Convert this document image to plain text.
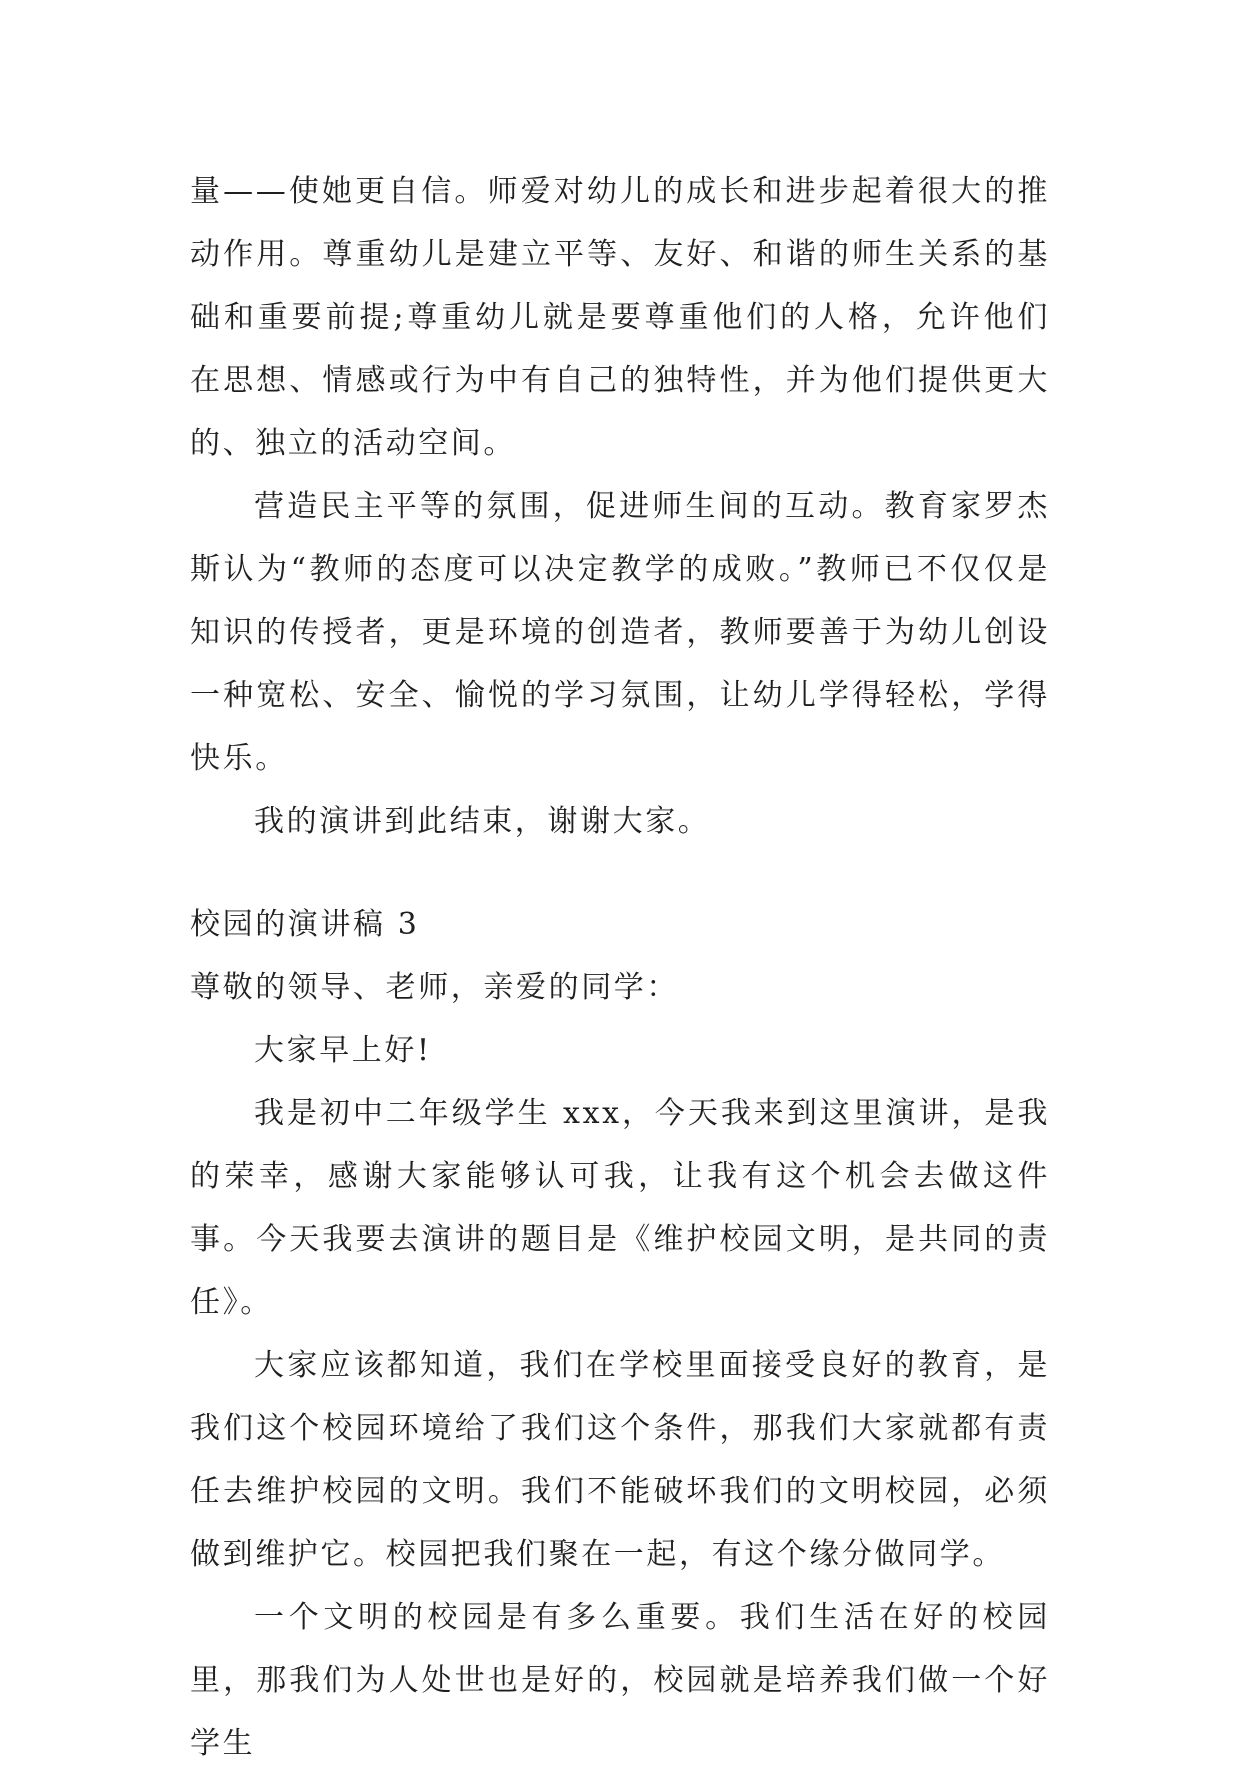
量——使她更自信。师爱对幼儿的成长和进步起着很大的推动作用。尊重幼儿是建立平等、友好、和谐的师生关系的基础和重要前提;尊重幼儿就是要尊重他们的人格，允许他们在思想、情感或行为中有自己的独特性，并为他们提供更大的、独立的活动空间。

营造民主平等的氛围，促进师生间的互动。教育家罗杰斯认为“教师的态度可以决定教学的成败。”教师已不仅仅是知识的传授者，更是环境的创造者，教师要善于为幼儿创设一种宽松、安全、愉悦的学习氛围，让幼儿学得轻松，学得快乐。

我的演讲到此结束，谢谢大家。

校园的演讲稿 3

尊敬的领导、老师，亲爱的同学：

大家早上好!

我是初中二年级学生 xxx，今天我来到这里演讲，是我的荣幸，感谢大家能够认可我，让我有这个机会去做这件事。今天我要去演讲的题目是《维护校园文明，是共同的责任》。

大家应该都知道，我们在学校里面接受良好的教育，是我们这个校园环境给了我们这个条件，那我们大家就都有责任去维护校园的文明。我们不能破坏我们的文明校园，必须做到维护它。校园把我们聚在一起，有这个缘分做同学。

一个文明的校园是有多么重要。我们生活在好的校园里，那我们为人处世也是好的，校园就是培养我们做一个好学生
